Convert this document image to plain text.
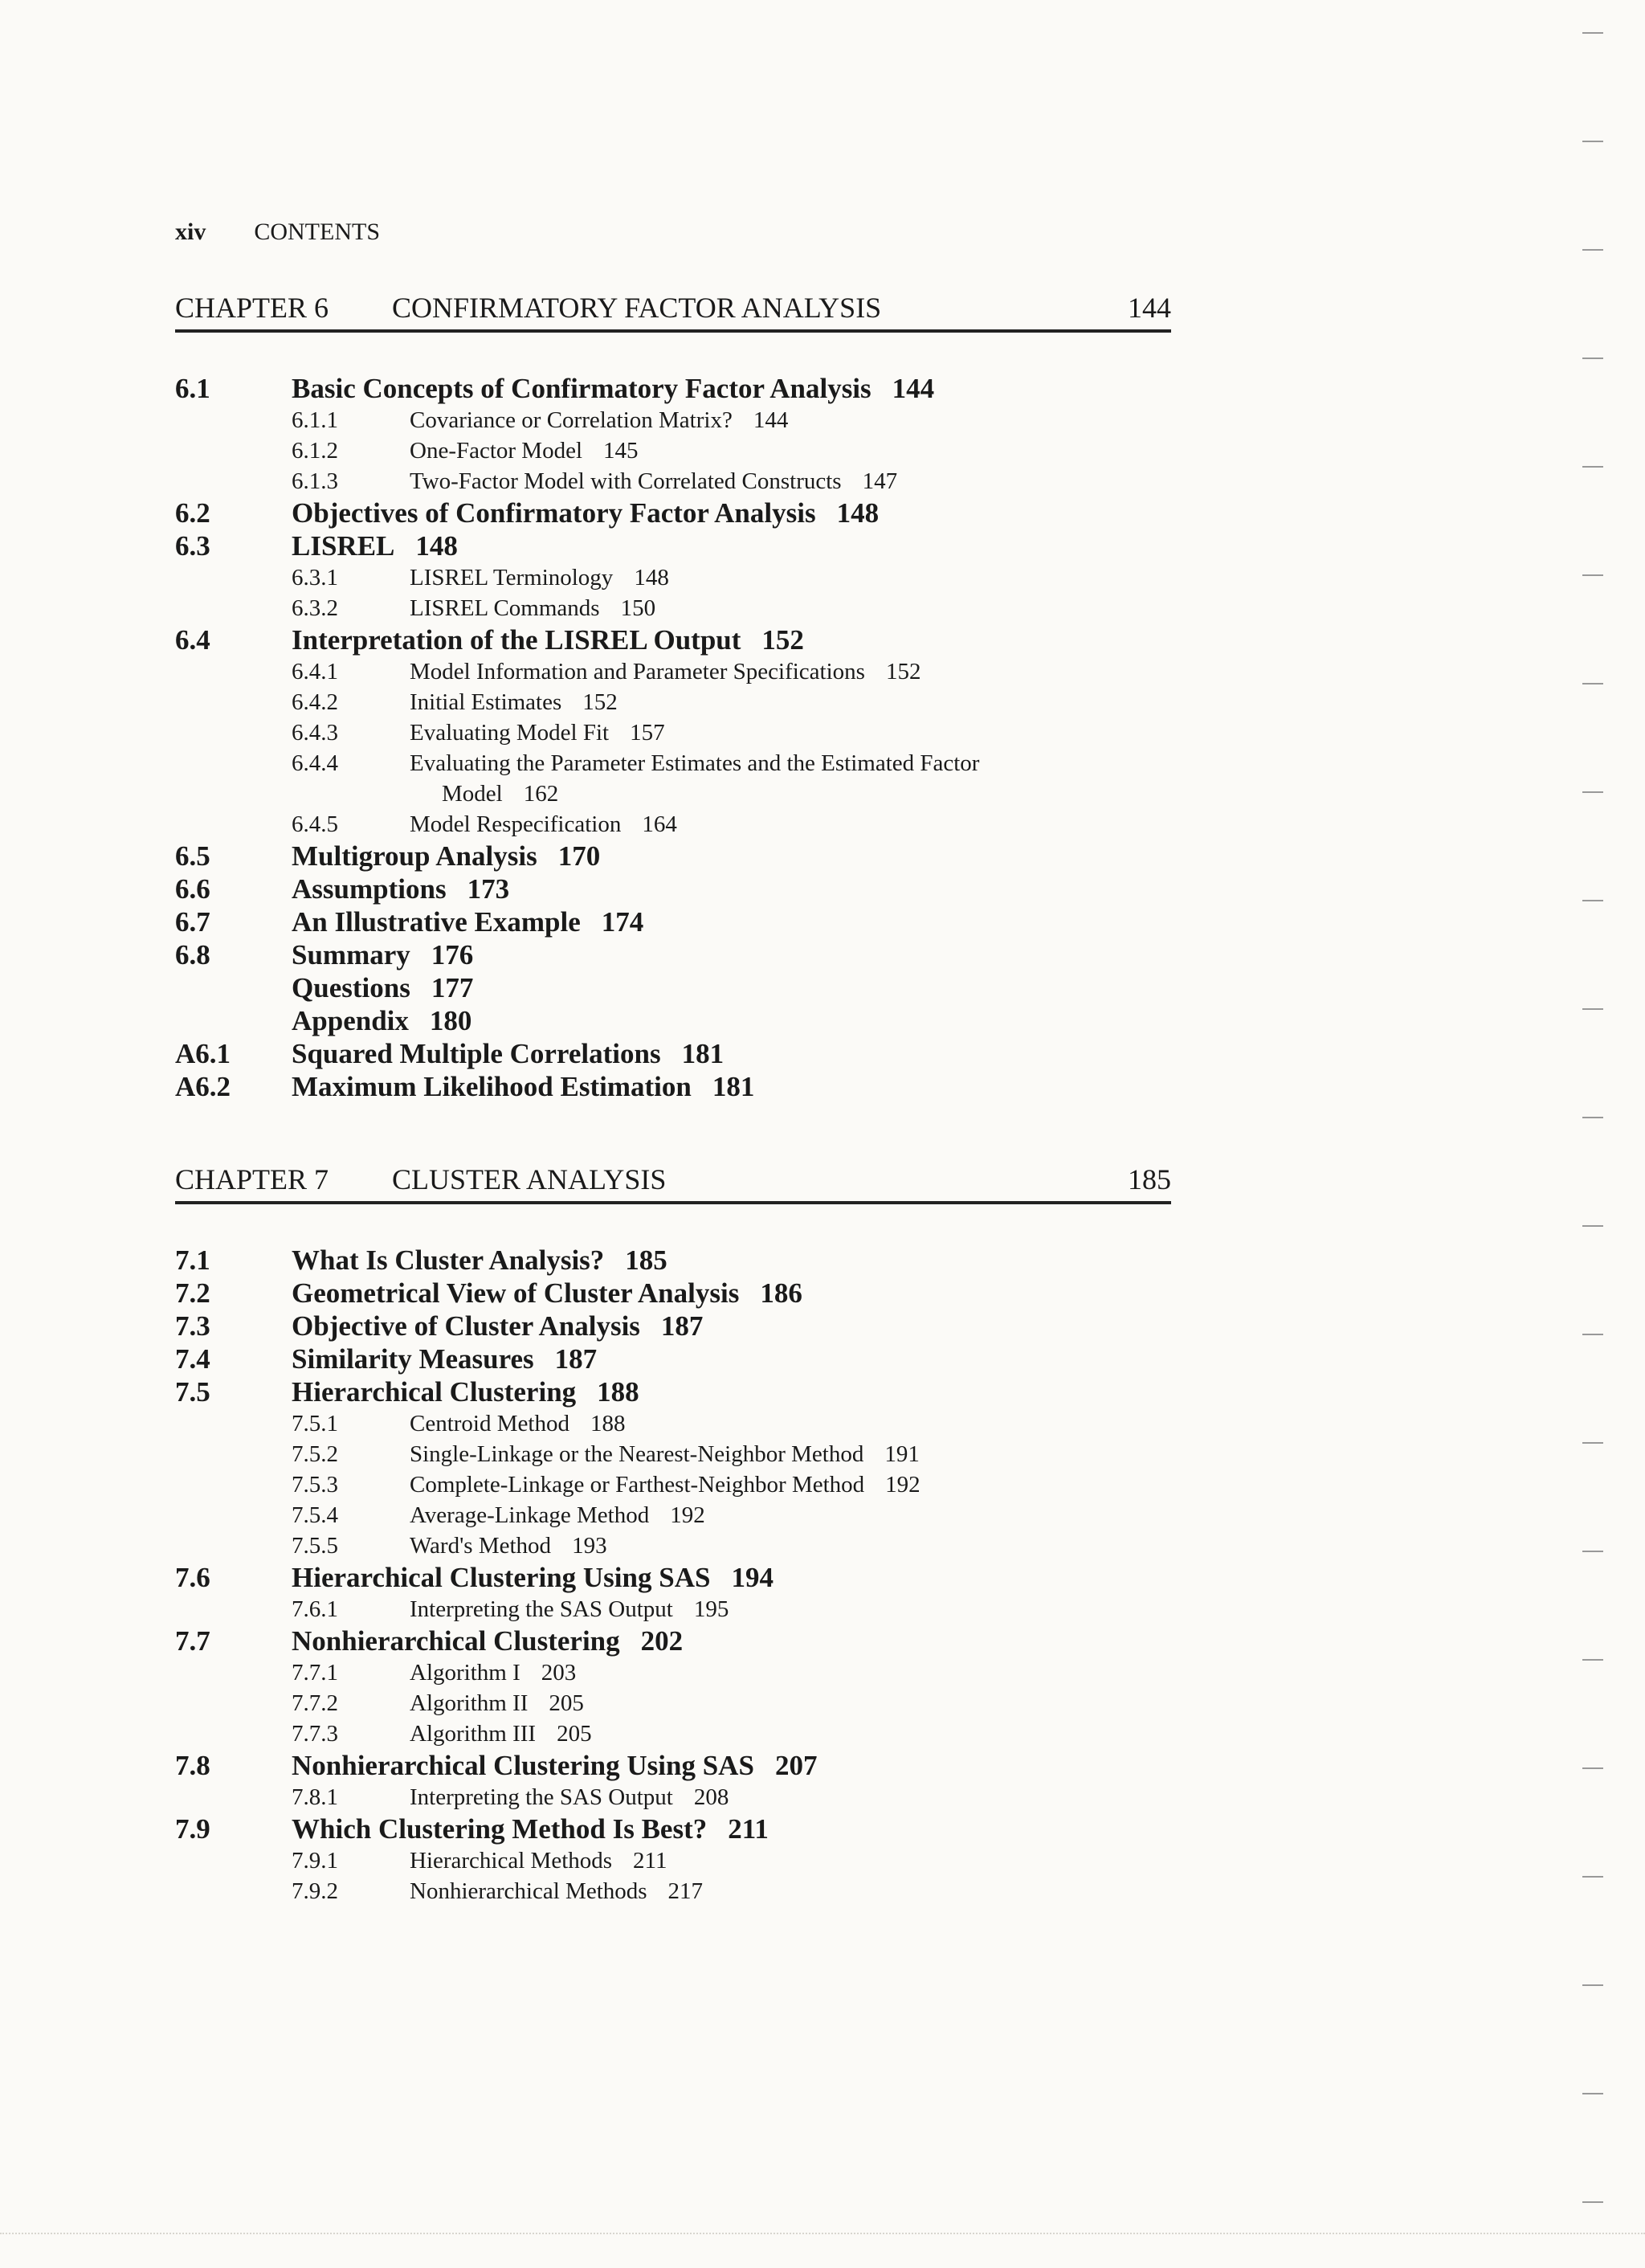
xiv CONTENTS
CHAPTER 6 CONFIRMATORY FACTOR ANALYSIS	144
6.1	Basic Concepts of Confirmatory Factor Analysis 144
6.1.1	Covariance or Correlation Matrix? 144
6.1.2	One-Factor Model 145
6.1.3	Two-Factor Model with Correlated Constructs 147
6.2	Objectives of Confirmatory Factor Analysis 148
6.3	LISREL 148
6.3.1	LISREL Terminology 148
6.3.2	LISREL Commands 150
6.4	Interpretation of the LISREL Output 152
6.4.1	Model Information and Parameter Specifications 152
6.4.2	Initial Estimates 152
6.4.3	Evaluating Model Fit 157
6.4.4	Evaluating the Parameter Estimates and the Estimated Factor
Model 162
6.4.5	Model Respecification 164
6.5	Multigroup Analysis 170
6.6	Assumptions 173
6.7	An Illustrative Example 174
6.8	Summary 176
Questions 177
Appendix 180
A6.1 Squared Multiple Correlations 181
A6.2 Maximum Likelihood Estimation 181
CHAPTER 7 CLUSTER ANALYSIS	185
7.1	What Is Cluster Analysis? 185
7.2	Geometrical View of Cluster Analysis 186
7.3	Objective of Cluster Analysis 187
7.4	Similarity Measures 187
7.5	Hierarchical Clustering 188
7.5.1	Centroid Method 188
7.5.2	Single-Linkage or the Nearest-Neighbor Method 191
7.5.3	Complete-Linkage or Farthest-Neighbor Method 192
7.5.4	Average-Linkage Method 192
7.5.5	Ward's Method 193
7.6	Hierarchical Clustering Using SAS 194
7.6.1	Interpreting the SAS Output 195
7.7	Nonhierarchical Clustering 202
7.7.1	Algorithm I 203
7.7.2	Algorithm II 205
7.7.3	Algorithm III 205
7.8	Nonhierarchical Clustering Using SAS 207
7.8.1	Interpreting the SAS Output 208
7.9	Which Clustering Method Is Best? 211
7.9.1	Hierarchical Methods 211
7.9.2	Nonhierarchical Methods 217
